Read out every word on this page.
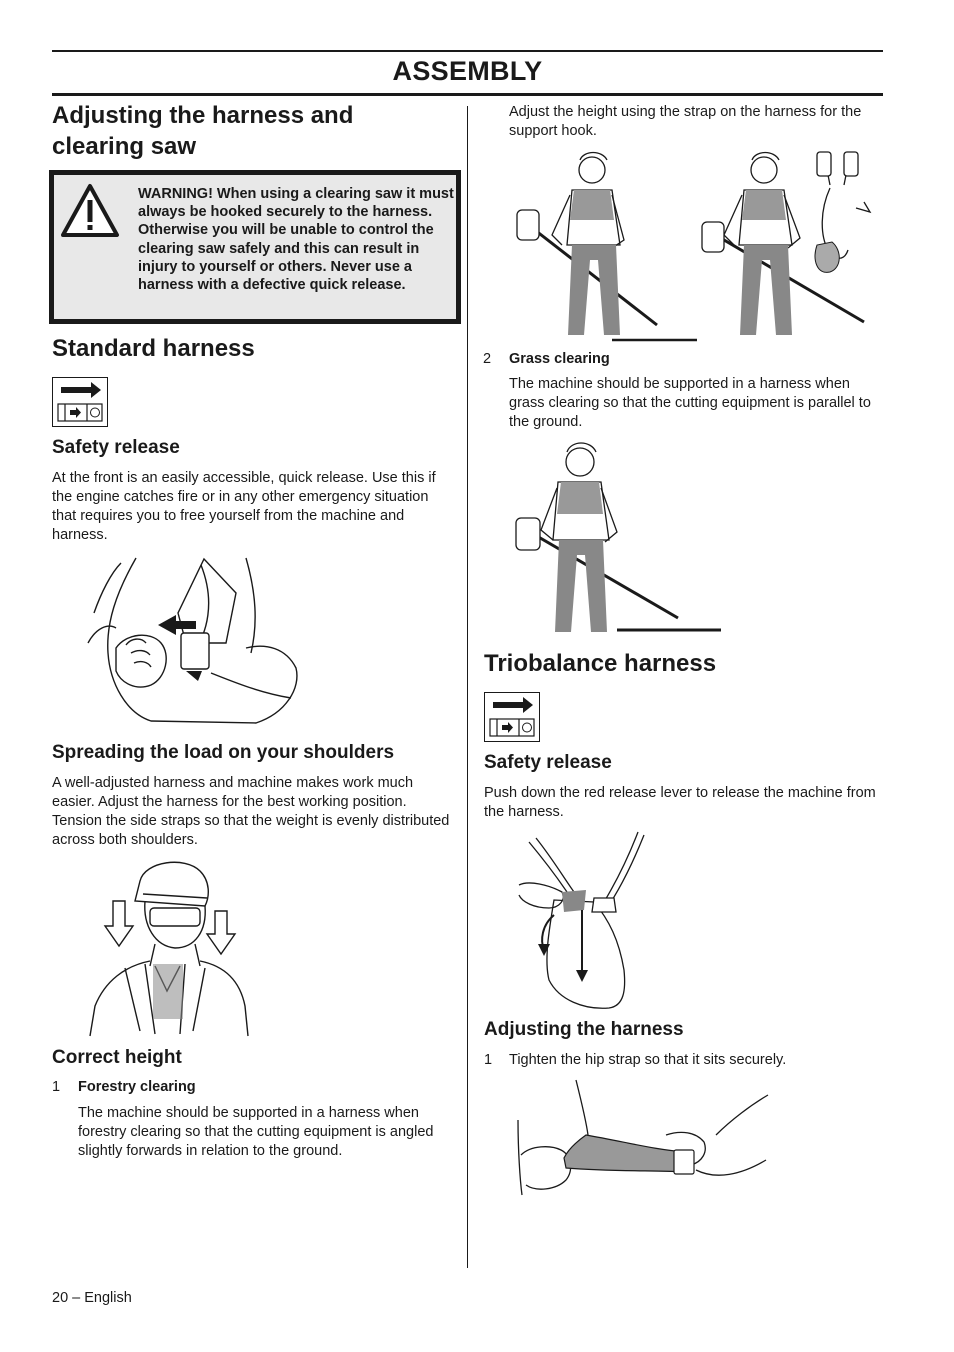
ASSEMBLY
Adjusting the harness and
clearing saw
WARNING! When using a clearing saw it must always be hooked securely to the harness. Otherwise you will be unable to control the clearing saw safely and this can result in injury to yourself or others. Never use a harness with a defective quick release.
Standard harness
Safety release
At the front is an easily accessible, quick release. Use this if the engine catches fire or in any other emergency situation that requires you to free yourself from the machine and harness.
Spreading the load on your shoulders
A well-adjusted harness and machine makes work much easier. Adjust the harness for the best working position. Tension the side straps so that the weight is evenly distributed across both shoulders.
Correct height
1 Forestry clearing
The machine should be supported in a harness when forestry clearing so that the cutting equipment is angled slightly forwards in relation to the ground.
20 – English
Adjust the height using the strap on the harness for the support hook.
2 Grass clearing
The machine should be supported in a harness when grass clearing so that the cutting equipment is parallel to the ground.
Triobalance harness
Safety release
Push down the red release lever to release the machine from the harness.
Adjusting the harness
1 Tighten the hip strap so that it sits securely.
